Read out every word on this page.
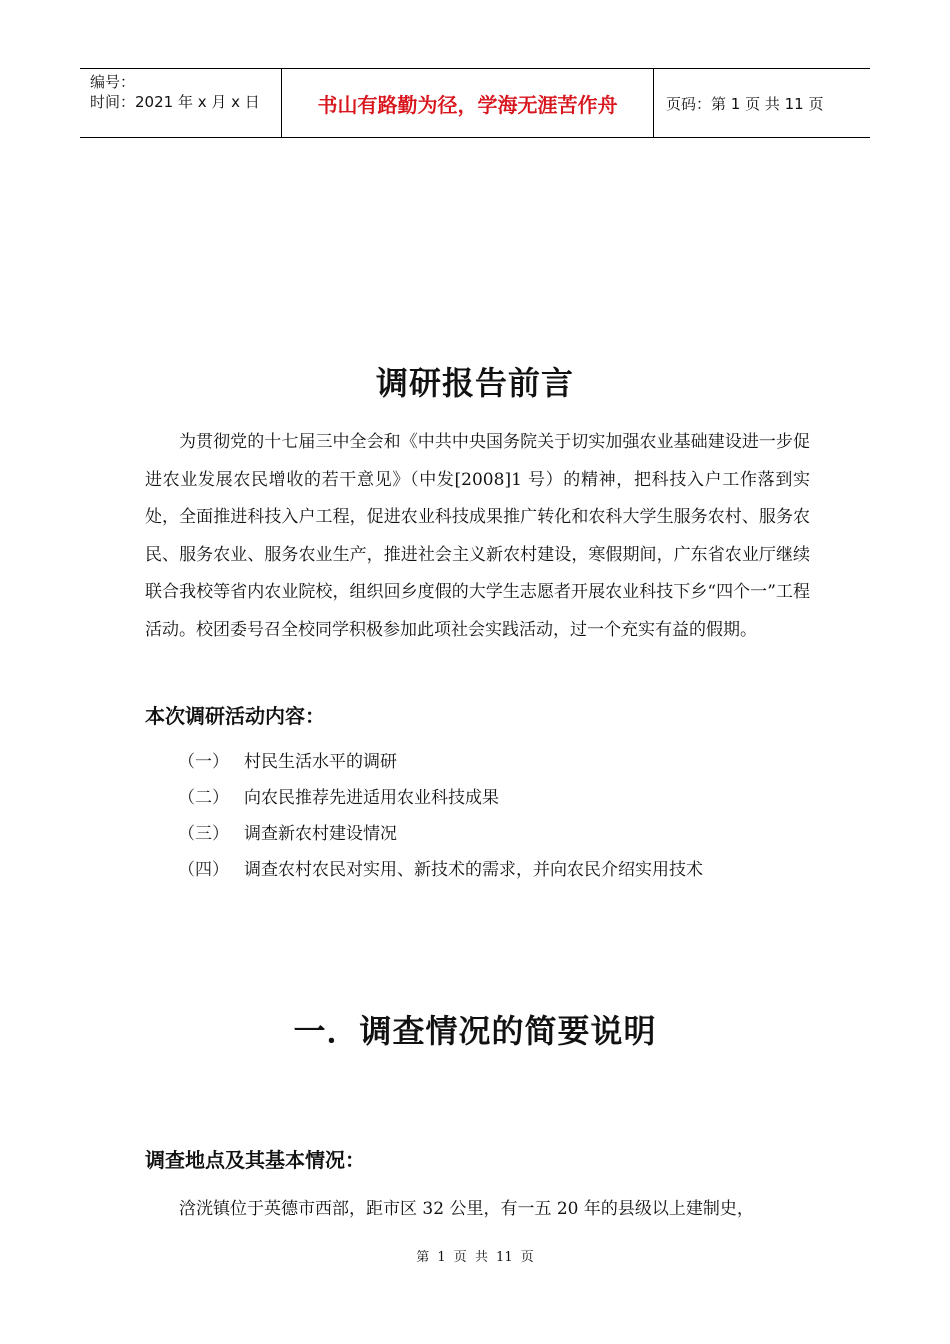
编号：
时间：2021 年 x 月 x 日	书山有路勤为径，学海无涯苦作舟	页码：第 1 页 共 11 页
调研报告前言

为贯彻党的十七届三中全会和《中共中央国务院关于切实加强农业基础建设进一步促进农业发展农民增收的若干意见》（中发[2008]1 号）的精神，把科技入户工作落到实处，全面推进科技入户工程，促进农业科技成果推广转化和农科大学生服务农村、服务农民、服务农业、服务农业生产，推进社会主义新农村建设，寒假期间，广东省农业厅继续联合我校等省内农业院校，组织回乡度假的大学生志愿者开展农业科技下乡“四个一”工程活动。校团委号召全校同学积极参加此项社会实践活动，过一个充实有益的假期。

本次调研活动内容：
（一） 村民生活水平的调研
（二） 向农民推荐先进适用农业科技成果
（三） 调查新农村建设情况
（四） 调查农村农民对实用、新技术的需求，并向农民介绍实用技术
一．调查情况的简要说明
调查地点及其基本情况：

浛洸镇位于英德市西部，距市区 32 公里，有一五 20 年的县级以上建制史，

第 1 页 共 11 页
